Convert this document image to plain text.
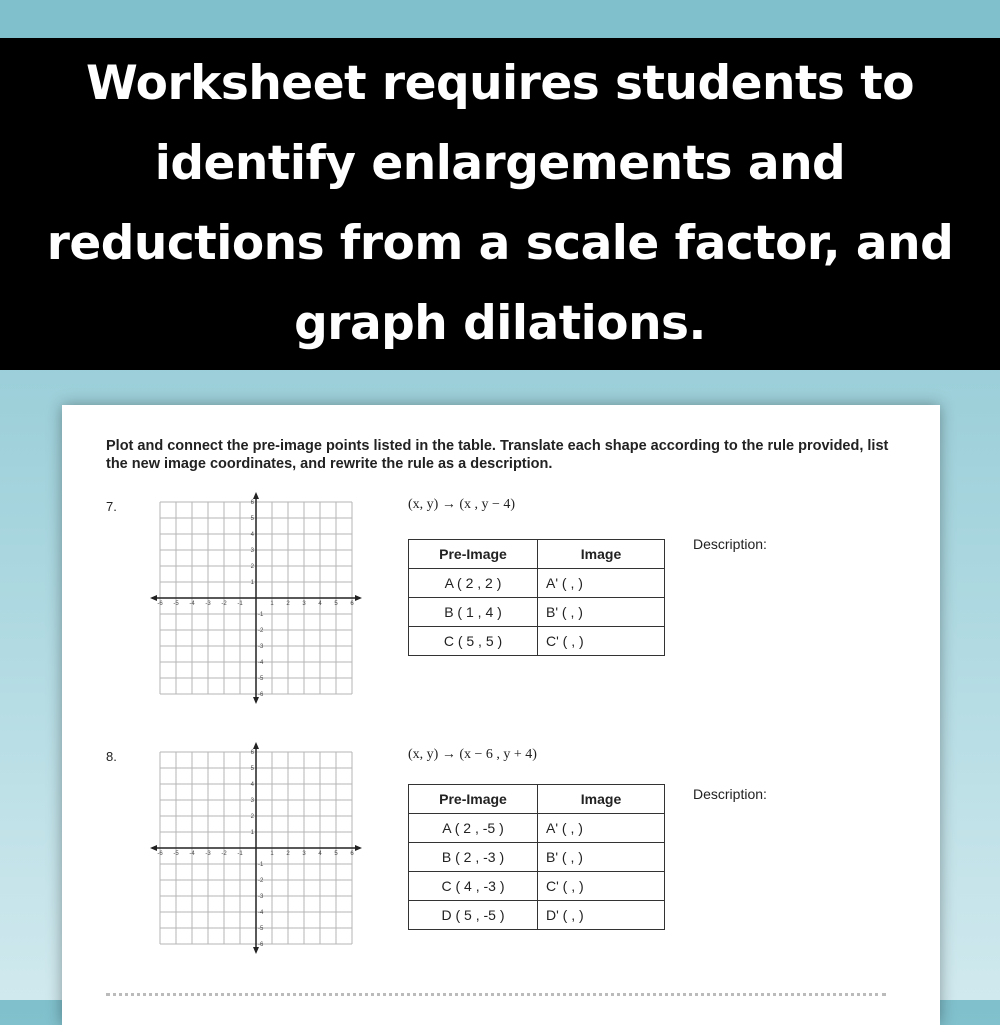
Worksheet requires students to identify enlargements and reductions from a scale factor, and graph dilations.
Plot and connect the pre-image points listed in the table. Translate each shape according to the rule provided, list the new image coordinates, and rewrite the rule as a description.
7.
-6 -5 -4 -3 -2 -1	1 2 3 4 5 6
6
5
4
3
2
1
-1
-2
-3
-4
-5
-6
(x, y) → (x , y − 4)
Pre-Image	Image
A ( 2 , 2 )	A' ( , )
B ( 1 , 4 )	B' ( , )
C ( 5 , 5 )	C' ( , )
Description:
8.
-6 -5 -4 -3 -2 -1	1 2 3 4 5 6
6
5
4
3
2
1
-1
-2
-3
-4
-5
-6
(x, y) → (x − 6 , y + 4)
Pre-Image	Image
A ( 2 , -5 )	A' ( , )
B ( 2 , -3 )	B' ( , )
C ( 4 , -3 )	C' ( , )
D ( 5 , -5 )	D' ( , )
Description:
